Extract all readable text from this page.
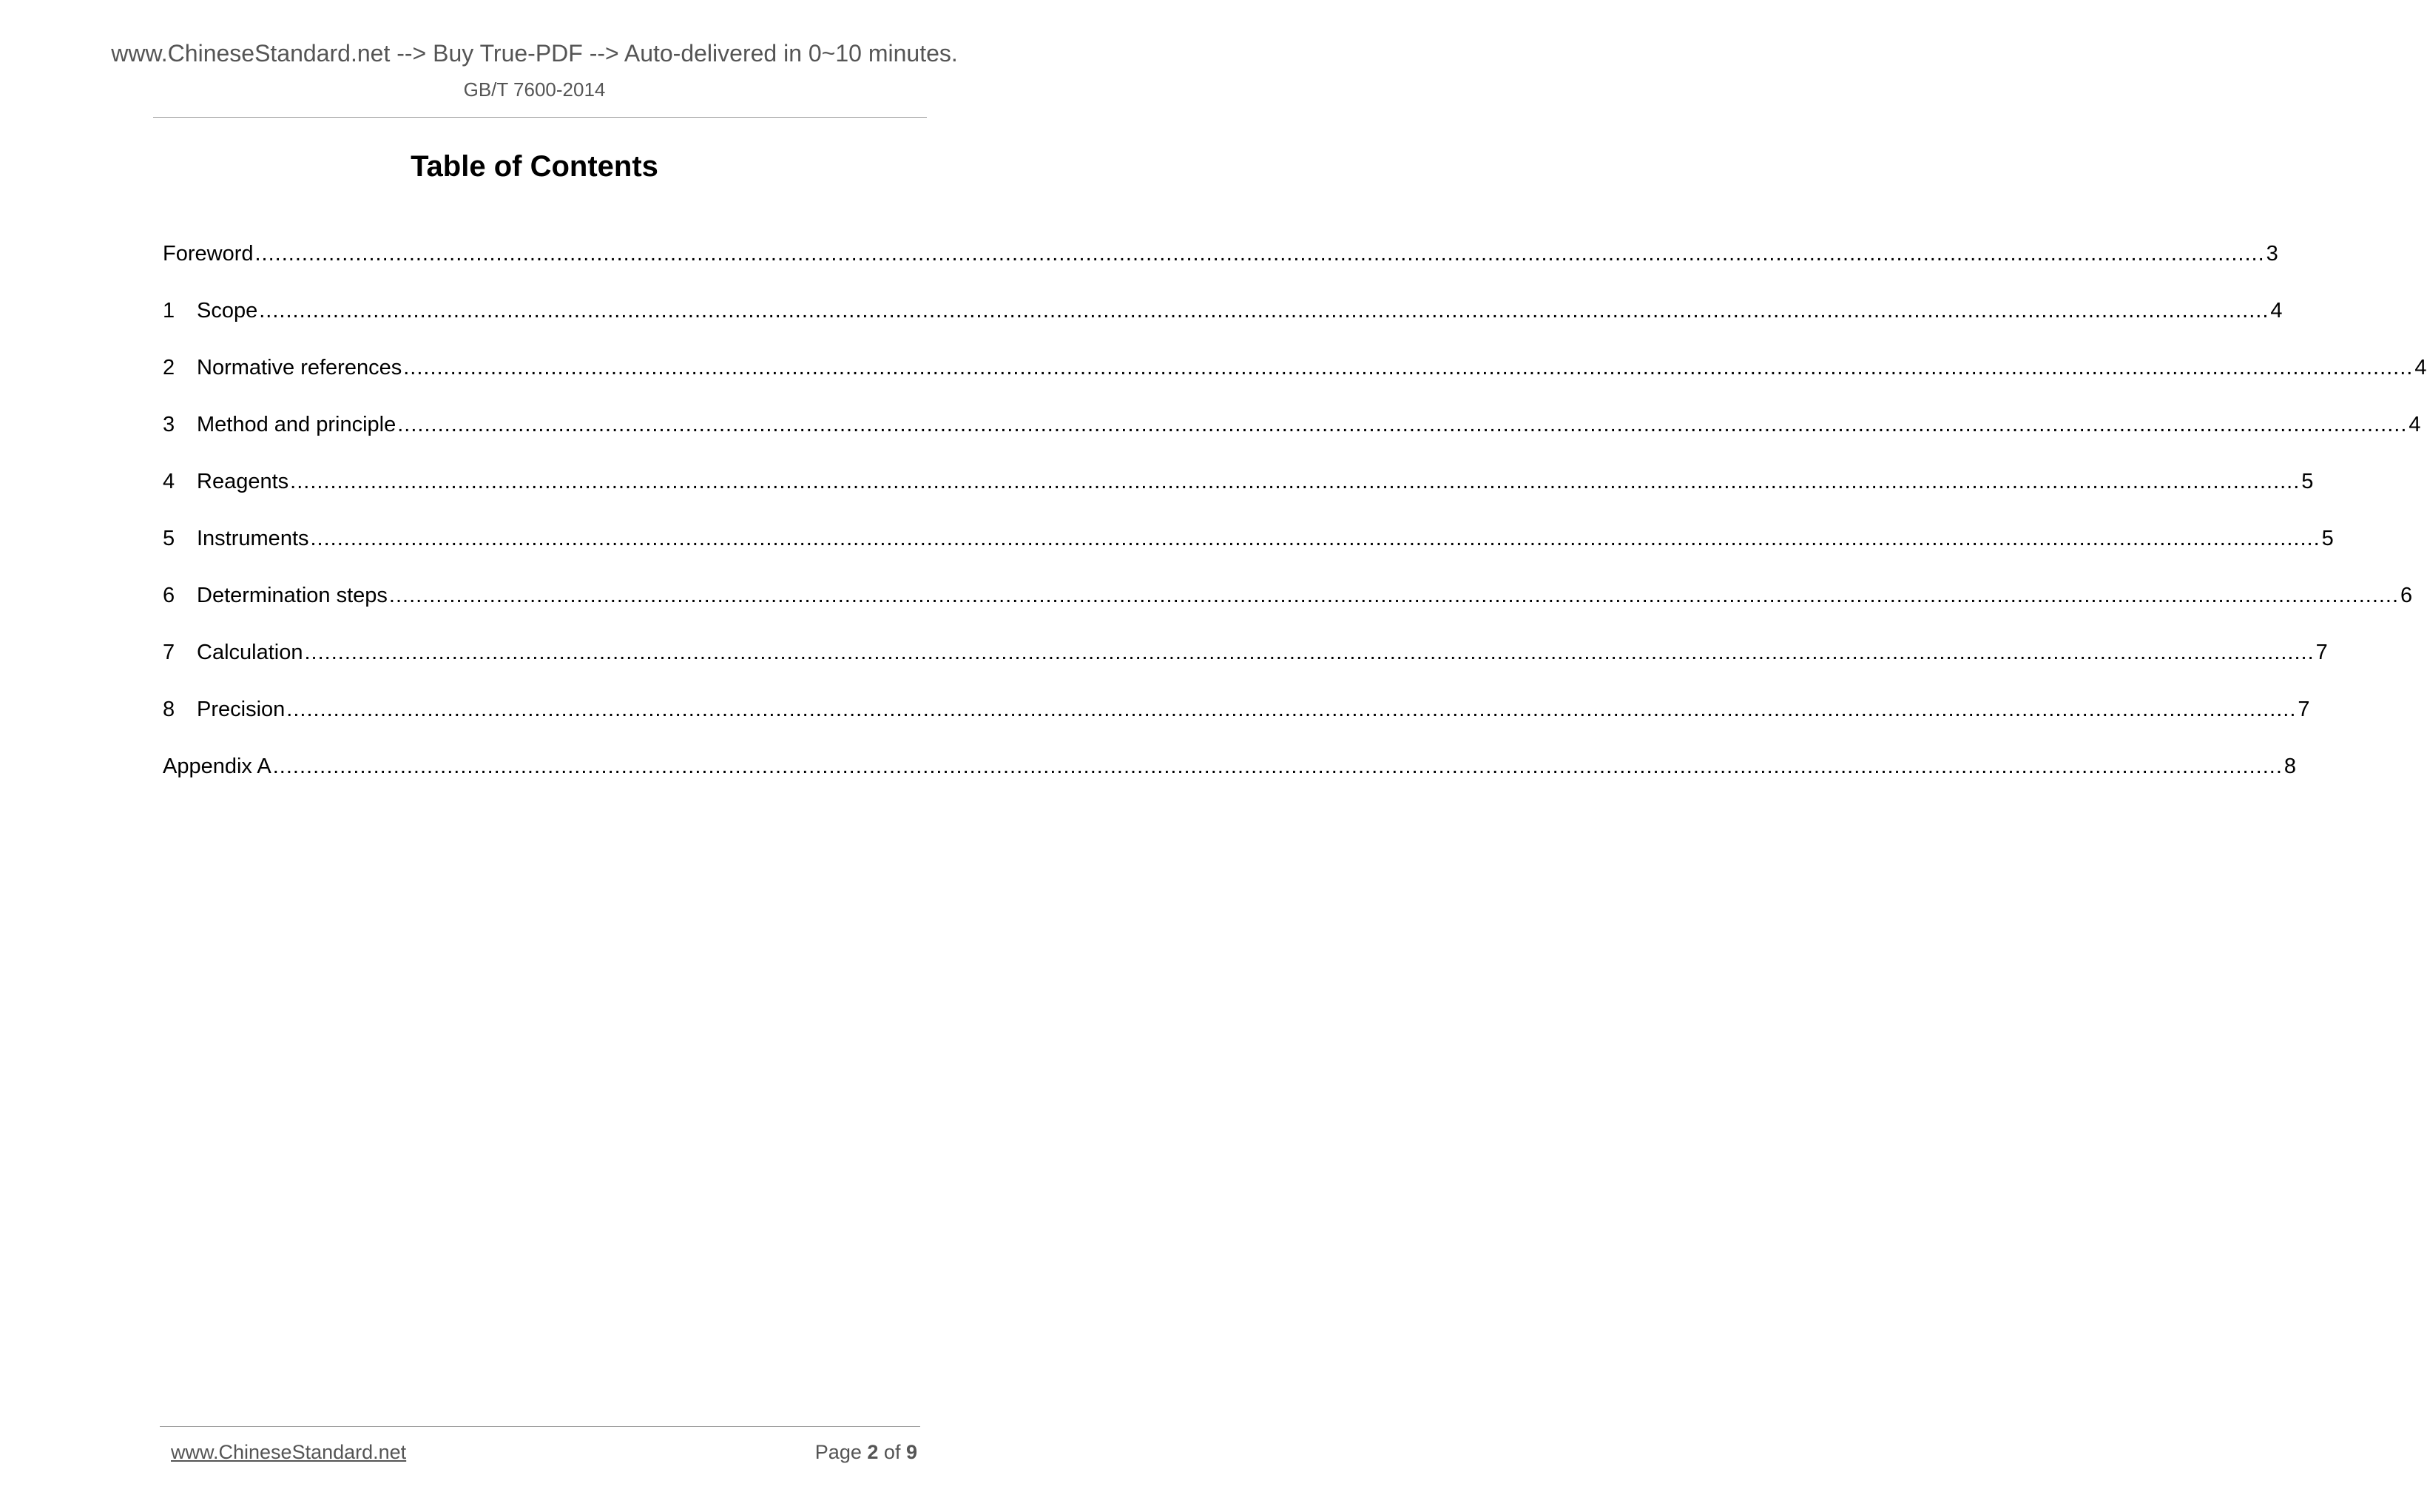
www.ChineseStandard.net --> Buy True-PDF --> Auto-delivered in 0~10 minutes.
GB/T 7600-2014
Table of Contents
Foreword ............................................................................................................................................................................................................................................................................................................ 3
1	Scope ............................................................................................................................................................................................................................................................................................................ 4
2	Normative references ............................................................................................................................................................................................................................................................................................................ 4
3	Method and principle ............................................................................................................................................................................................................................................................................................................ 4
4	Reagents ............................................................................................................................................................................................................................................................................................................ 5
5	Instruments ............................................................................................................................................................................................................................................................................................................ 5
6	Determination steps ............................................................................................................................................................................................................................................................................................................ 6
7	Calculation ............................................................................................................................................................................................................................................................................................................ 7
8	Precision ............................................................................................................................................................................................................................................................................................................ 7
Appendix A ............................................................................................................................................................................................................................................................................................................ 8
www.ChineseStandard.net	Page 2 of 9
